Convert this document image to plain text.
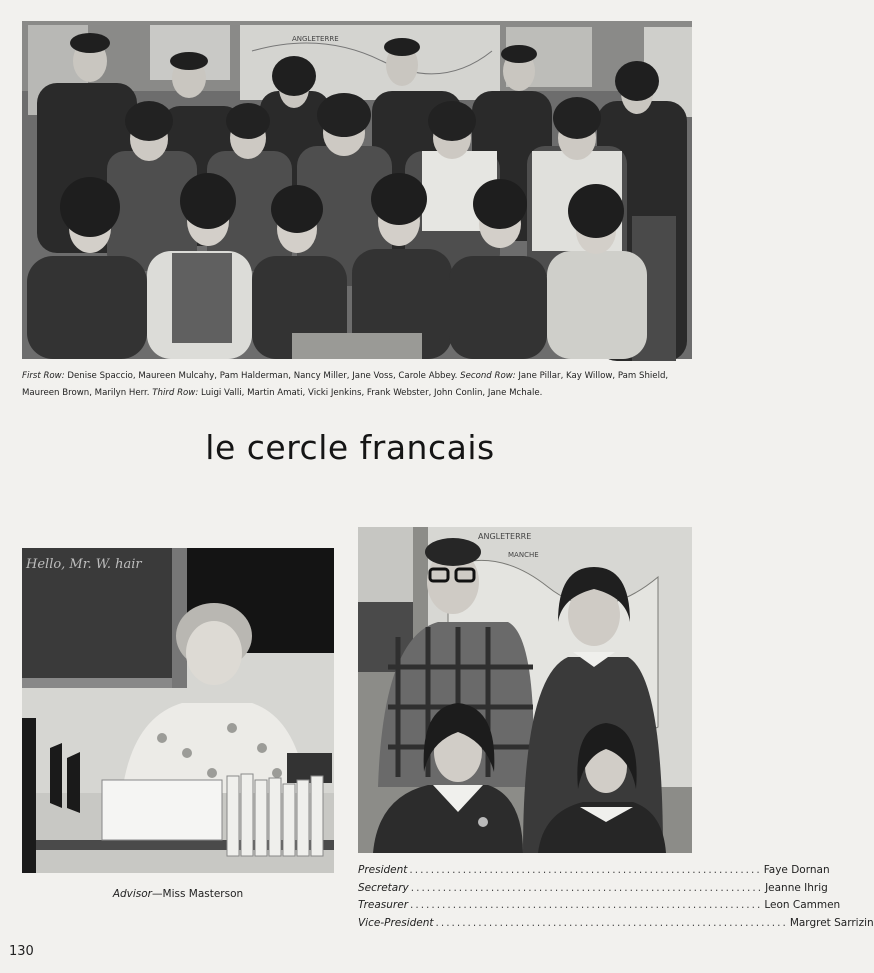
ANGLETERRE
First Row: Denise Spaccio, Maureen Mulcahy, Pam Halderman, Nancy Miller, Jane Voss, Carole Abbey. Second Row: Jane Pillar, Kay Willow, Pam Shield,
Maureen Brown, Marilyn Herr. Third Row: Luigi Valli, Martin Amati, Vicki Jenkins, Frank Webster, John Conlin, Jane Mchale.
le cercle francais
Hello, Mr. W. hair
ANGLETERRE
MANCHE
Advisor—Miss Masterson
President .................................................................. Faye Dornan
Secretary .................................................................. Jeanne Ihrig
Treasurer .................................................................. Leon Cammen
Vice-President .................................................................. Margret Sarrizin
130
